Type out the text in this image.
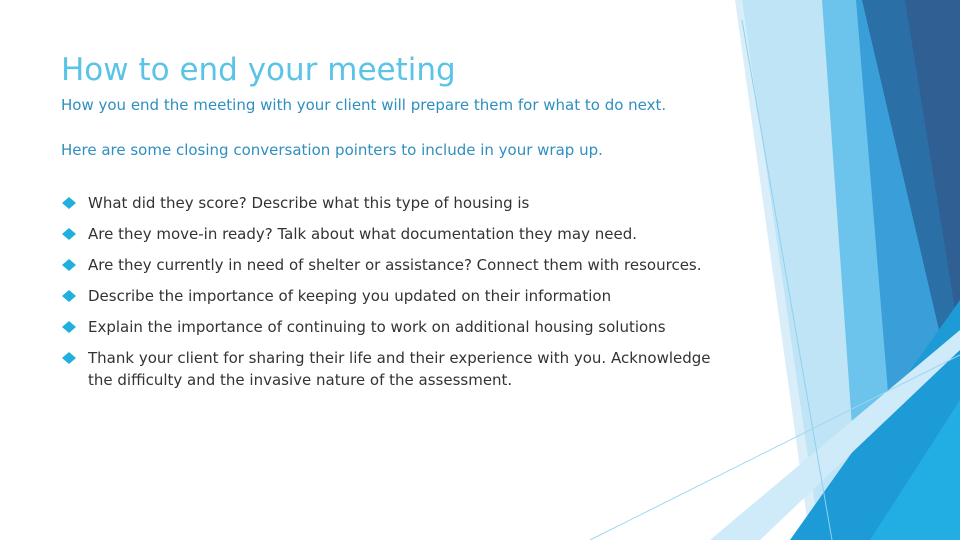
How to end your meeting

How you end the meeting with your client will prepare them for what to do next.

Here are some closing conversation pointers to include in your wrap up.

What did they score? Describe what this type of housing is
Are they move-in ready? Talk about what documentation they may need.
Are they currently in need of shelter or assistance? Connect them with resources.
Describe the importance of keeping you updated on their information
Explain the importance of continuing to work on additional housing solutions
Thank your client for sharing their life and their experience with you. Acknowledge the difficulty and the invasive nature of the assessment.
